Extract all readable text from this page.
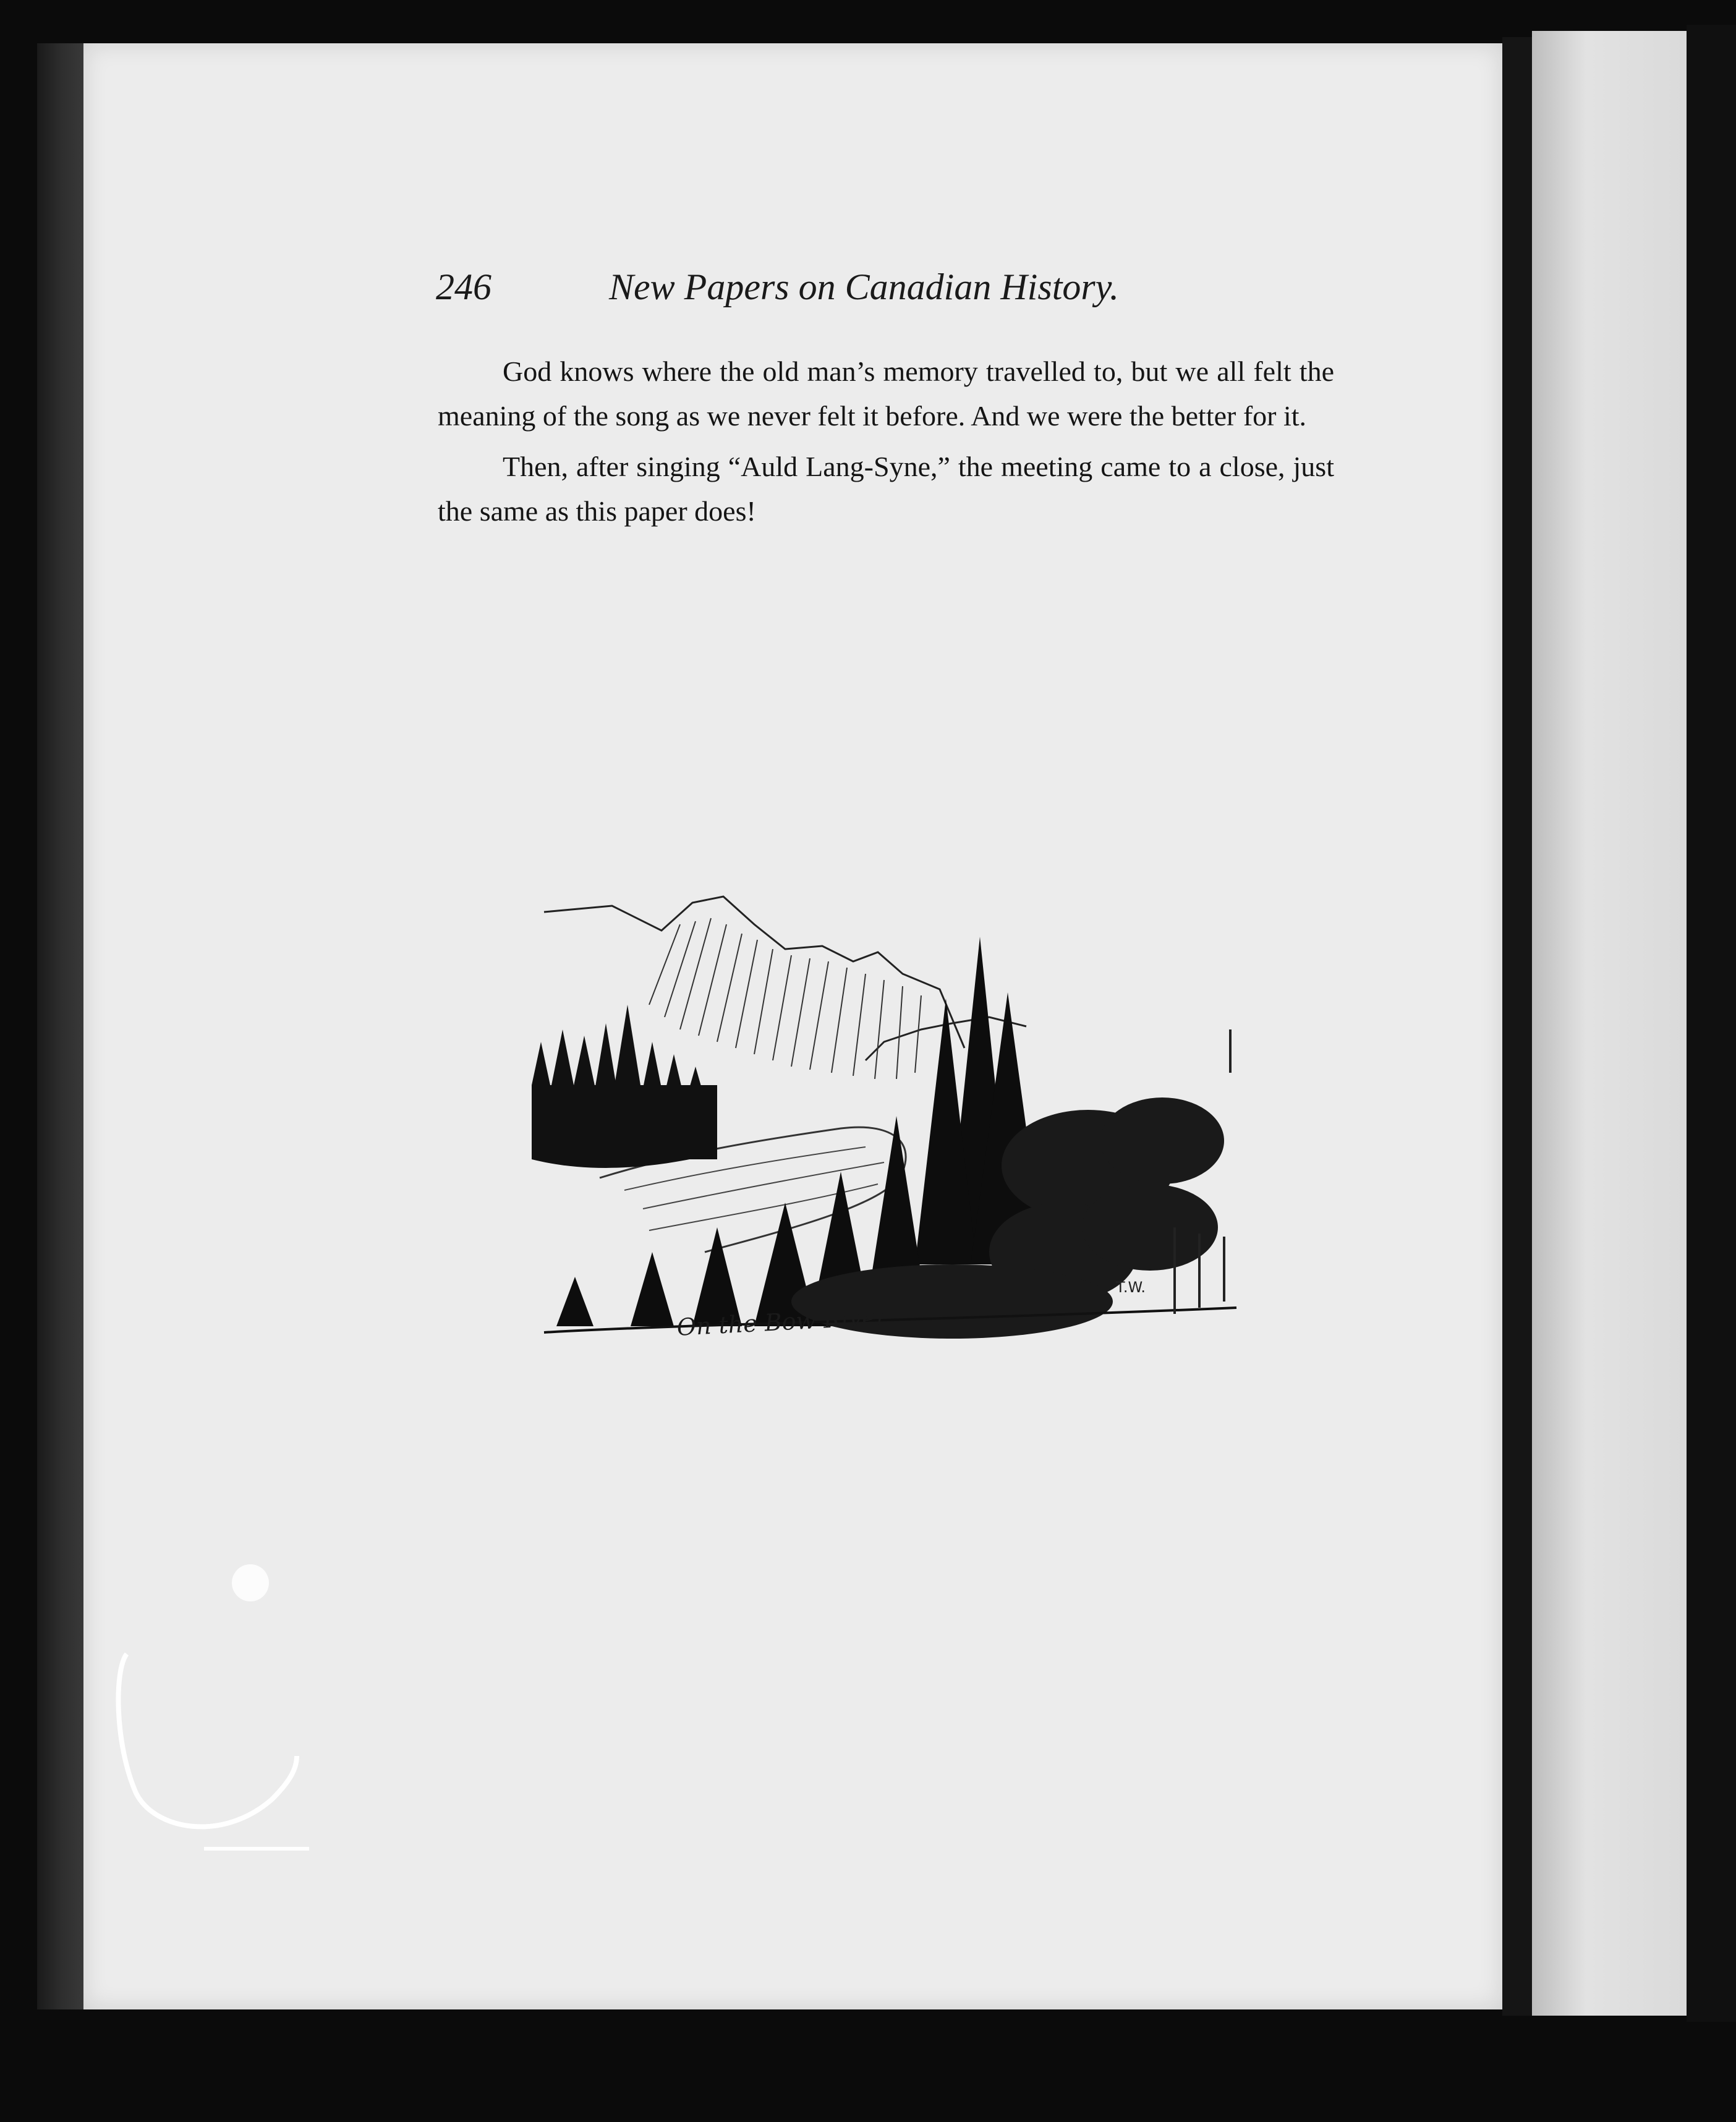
246	New Papers on Canadian History.

God knows where the old man’s memory travelled to, but we all felt the meaning of the song as we never felt it before. And we were the better for it.

Then, after singing “Auld Lang-Syne,” the meeting came to a close, just the same as this paper does!

On the Bow River
T.W.
